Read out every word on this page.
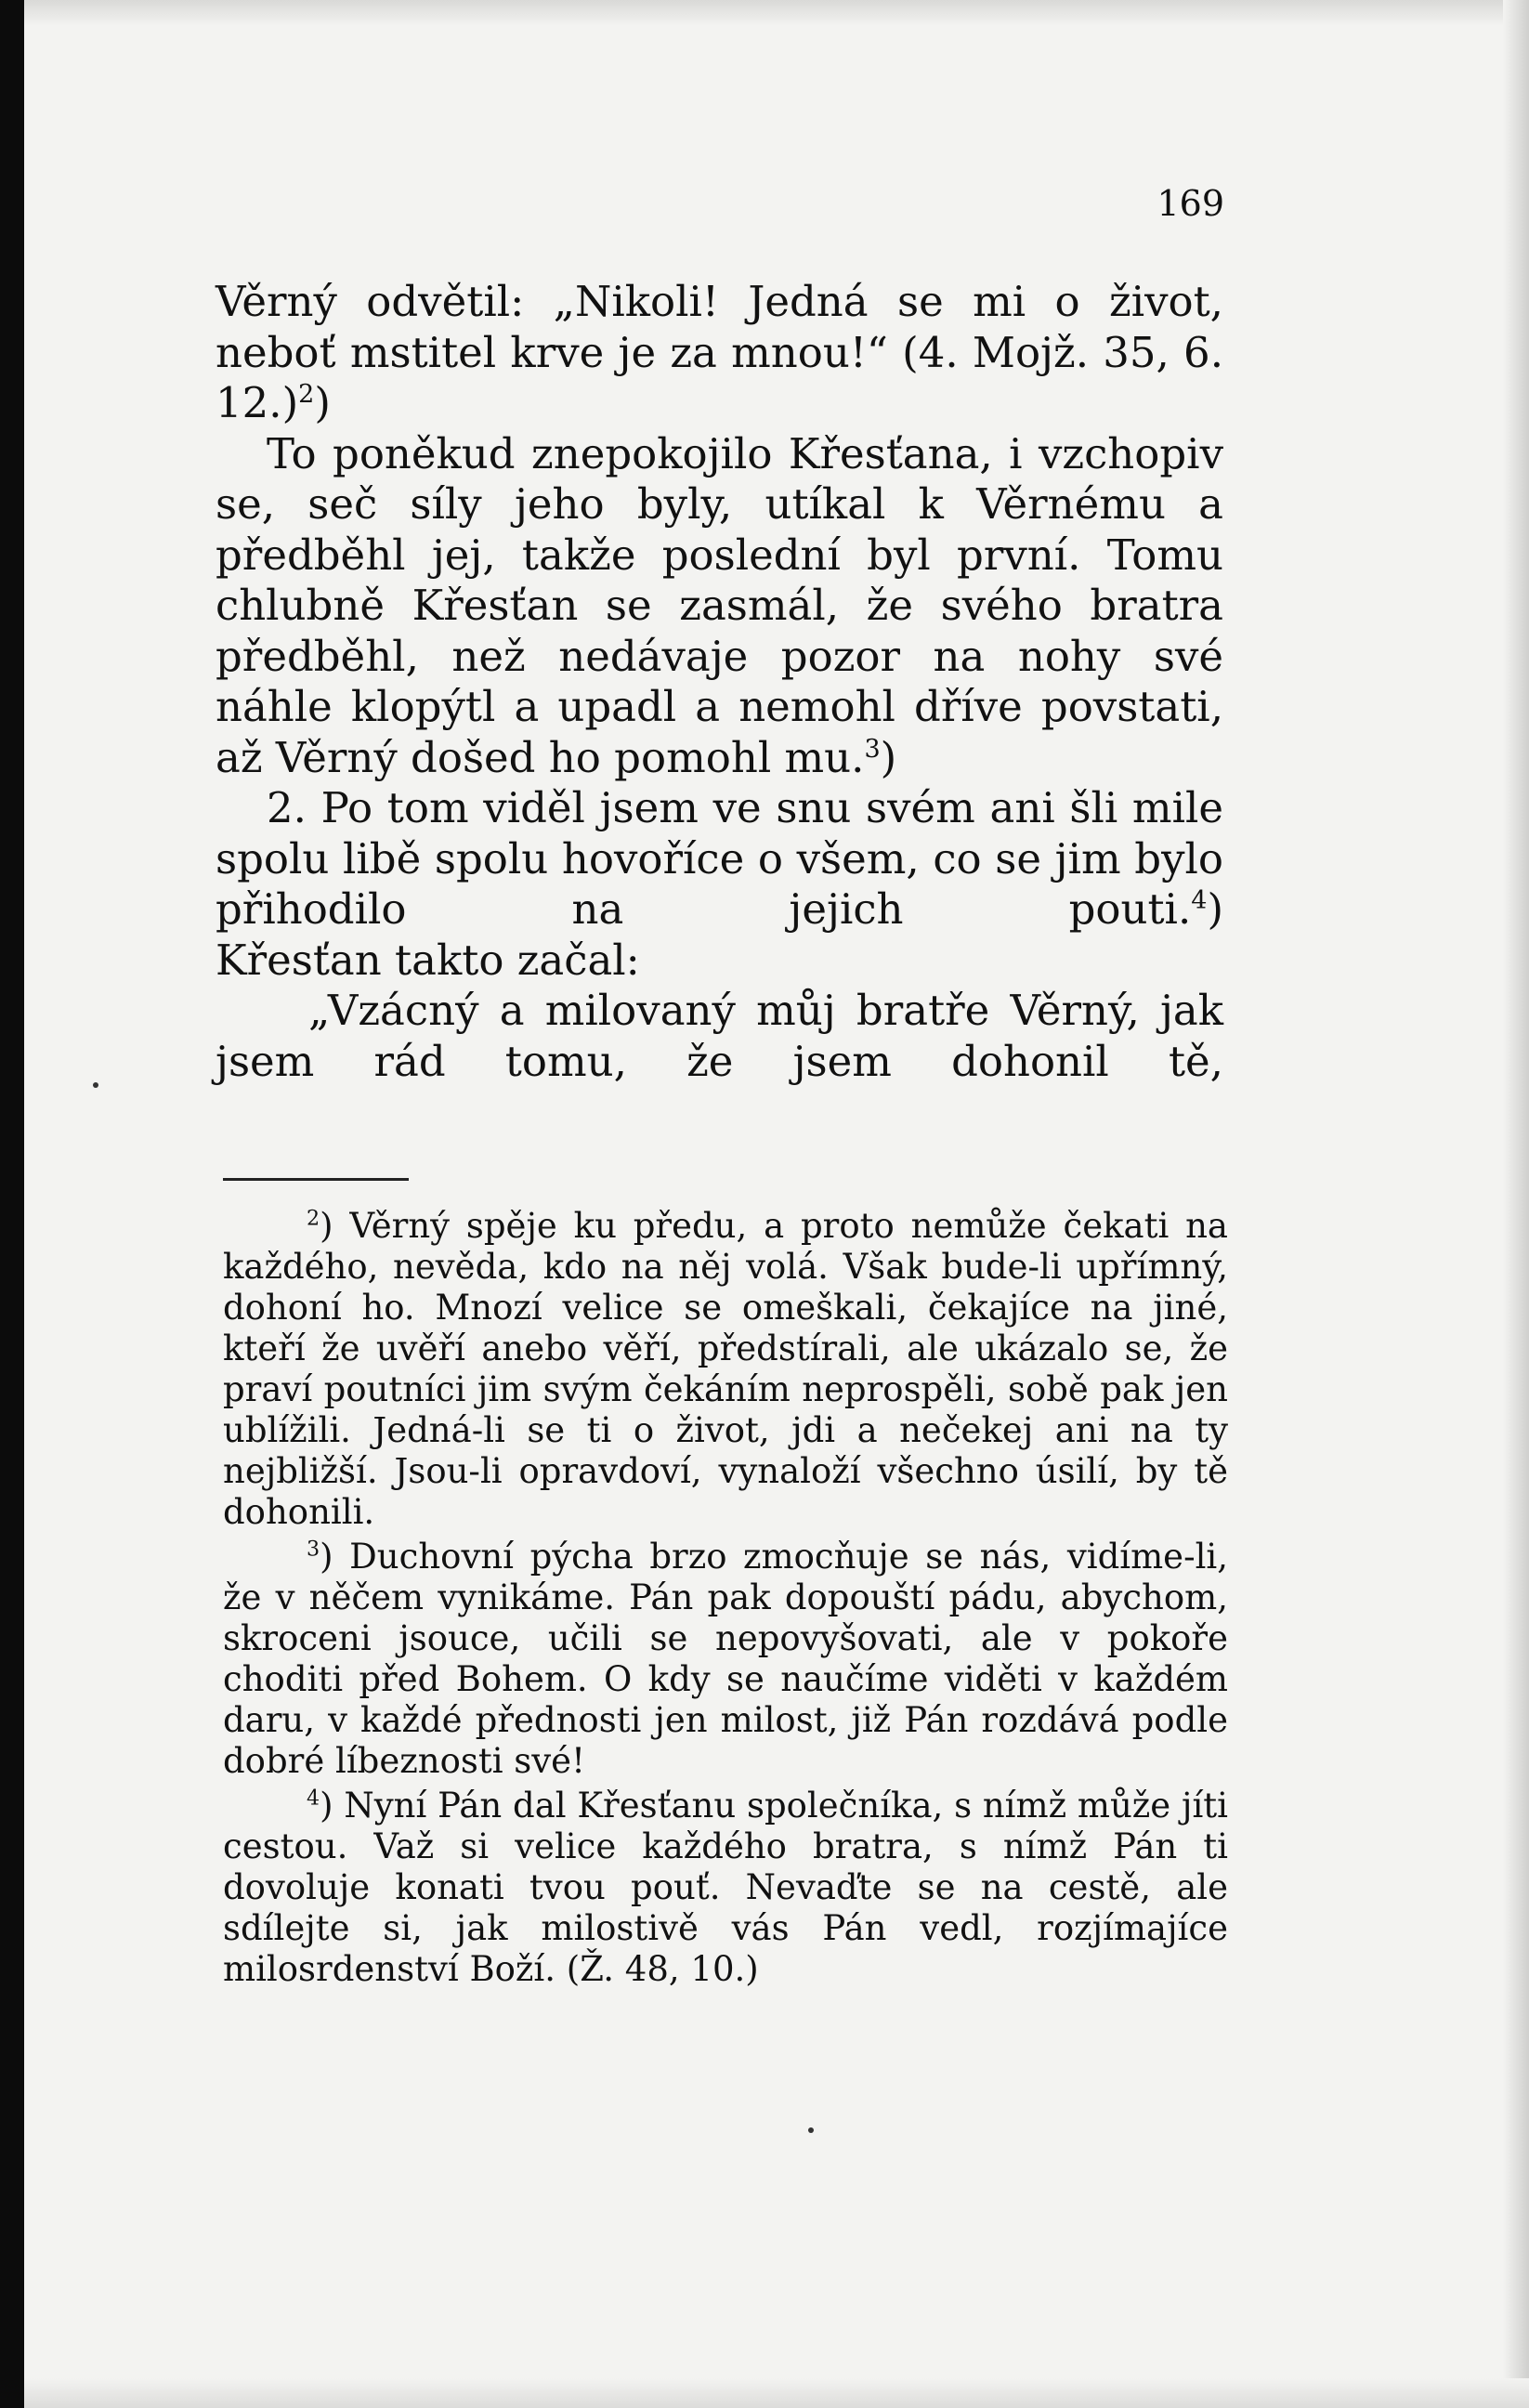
169

Věrný odvětil: „Nikoli! Jedná se mi o život, neboť mstitel krve je za mnou!“ (4. Mojž. 35, 6. 12.)$^2$)

To poněkud znepokojilo Křesťana, i vzchopiv se, seč síly jeho byly, utíkal k Věrnému a předběhl jej, takže poslední byl první. Tomu chlubně Křesťan se zasmál, že svého bratra předběhl, než nedávaje pozor na nohy své náhle klopýtl a upadl a nemohl dříve povstati, až Věrný došed ho pomohl mu.$^3$)

2. Po tom viděl jsem ve snu svém ani šli mile spolu libě spolu hovoříce o všem, co se jim bylo přihodilo na jejich pouti.$^4$)

Křesťan takto začal:

„Vzácný a milovaný můj bratře Věrný, jak jsem rád tomu, že jsem dohonil tě,

$^2$) Věrný spěje ku předu, a proto nemůže čekati na každého, nevěda, kdo na něj volá. Však bude-li upřímný, dohoní ho. Mnozí velice se omeškali, čekajíce na jiné, kteří že uvěří anebo věří, předstírali, ale ukázalo se, že praví poutníci jim svým čekáním neprospěli, sobě pak jen ublížili. Jedná-li se ti o život, jdi a nečekej ani na ty nejbližší. Jsou-li opravdoví, vynaloží všechno úsilí, by tě dohonili.

$^3$) Duchovní pýcha brzo zmocňuje se nás, vidíme-li, že v něčem vynikáme. Pán pak dopouští pádu, abychom, skroceni jsouce, učili se nepovyšovati, ale v pokoře choditi před Bohem. O kdy se naučíme viděti v každém daru, v každé přednosti jen milost, již Pán rozdává podle dobré líbeznosti své!

$^4$) Nyní Pán dal Křesťanu společníka, s nímž může jíti cestou. Važ si velice každého bratra, s nímž Pán ti dovoluje konati tvou pouť. Nevaďte se na cestě, ale sdílejte si, jak milostivě vás Pán vedl, rozjímajíce milosrdenství Boží. (Ž. 48, 10.)
